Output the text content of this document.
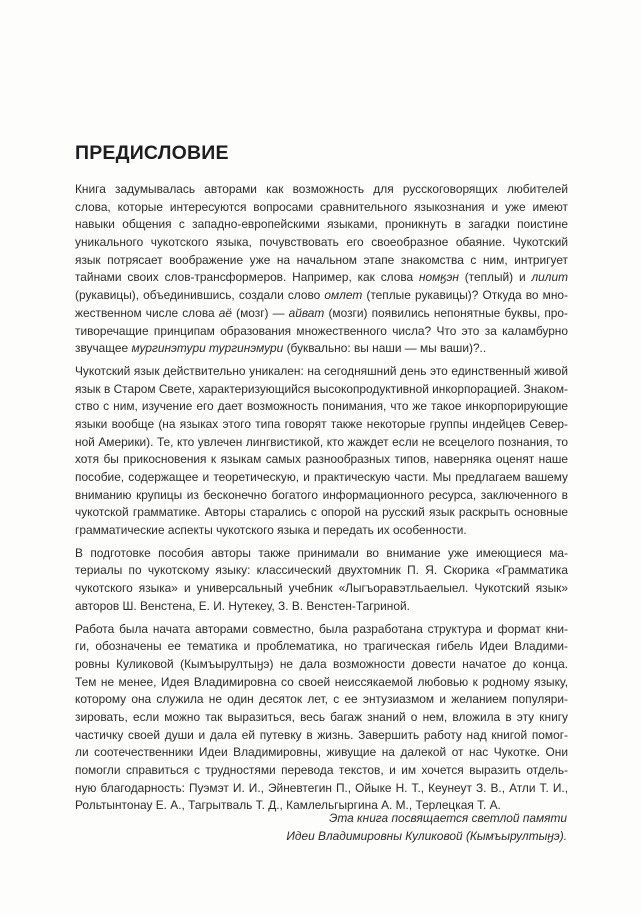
ПРЕДИСЛОВИЕ
Книга задумывалась авторами как возможность для русскоговорящих любителей
слова, которые интересуются вопросами сравнительного языкознания и уже имеют
навыки общения с западно-европейскими языками, проникнуть в загадки поистине
уникального чукотского языка, почувствовать его своеобразное обаяние. Чукотский
язык потрясает воображение уже на начальном этапе знакомства с ним, интригует
тайнами своих слов-трансформеров. Например, как слова номӄэн (теплый) и лилит
(рукавицы), объединившись, создали слово омлет (теплые рукавицы)? Откуда во мно-
жественном числе слова аё (мозг) — айват (мозги) появились непонятные буквы, про-
тиворечащие принципам образования множественного числа? Что это за каламбурно
звучащее мургинэтури тургинэмури (буквально: вы наши — мы ваши)?..
Чукотский язык действительно уникален: на сегодняшний день это единственный живой
язык в Старом Свете, характеризующийся высокопродуктивной инкорпорацией. Знаком-
ство с ним, изучение его дает возможность понимания, что же такое инкорпорирующие
языки вообще (на языках этого типа говорят также некоторые группы индейцев Север-
ной Америки). Те, кто увлечен лингвистикой, кто жаждет если не всецелого познания, то
хотя бы прикосновения к языкам самых разнообразных типов, наверняка оценят наше
пособие, содержащее и теоретическую, и практическую части. Мы предлагаем вашему
вниманию крупицы из бесконечно богатого информационного ресурса, заключенного в
чукотской грамматике. Авторы старались с опорой на русский язык раскрыть основные
грамматические аспекты чукотского языка и передать их особенности.
В подготовке пособия авторы также принимали во внимание уже имеющиеся ма-
териалы по чукотскому языку: классический двухтомник П. Я. Скорика «Грамматика
чукотского языка» и универсальный учебник «Лыгъоравэтльаелыел. Чукотский язык»
авторов Ш. Венстена, Е. И. Нутекеу, З. В. Венстен-Тагриной.
Работа была начата авторами совместно, была разработана структура и формат кни-
ги, обозначены ее тематика и проблематика, но трагическая гибель Идеи Владими-
ровны Куликовой (Кымъырултыӈэ) не дала возможности довести начатое до конца.
Тем не менее, Идея Владимировна со своей неиссякаемой любовью к родному языку,
которому она служила не один десяток лет, с ее энтузиазмом и желанием популяри-
зировать, если можно так выразиться, весь багаж знаний о нем, вложила в эту книгу
частичку своей души и дала ей путевку в жизнь. Завершить работу над книгой помог-
ли соотечественники Идеи Владимировны, живущие на далекой от нас Чукотке. Они
помогли справиться с трудностями перевода текстов, и им хочется выразить отдель-
ную благодарность: Пуэмэт И. И., Эйневтегин П., Ойыке Н. Т., Кеунеут З. В., Атли Т. И.,
Рольтынтонау Е. А., Тагрытваль Т. Д., Камлельгыргина А. М., Терлецкая Т. А.
Эта книга посвящается светлой памяти
Идеи Владимировны Куликовой (Кымъырултыӈэ).
